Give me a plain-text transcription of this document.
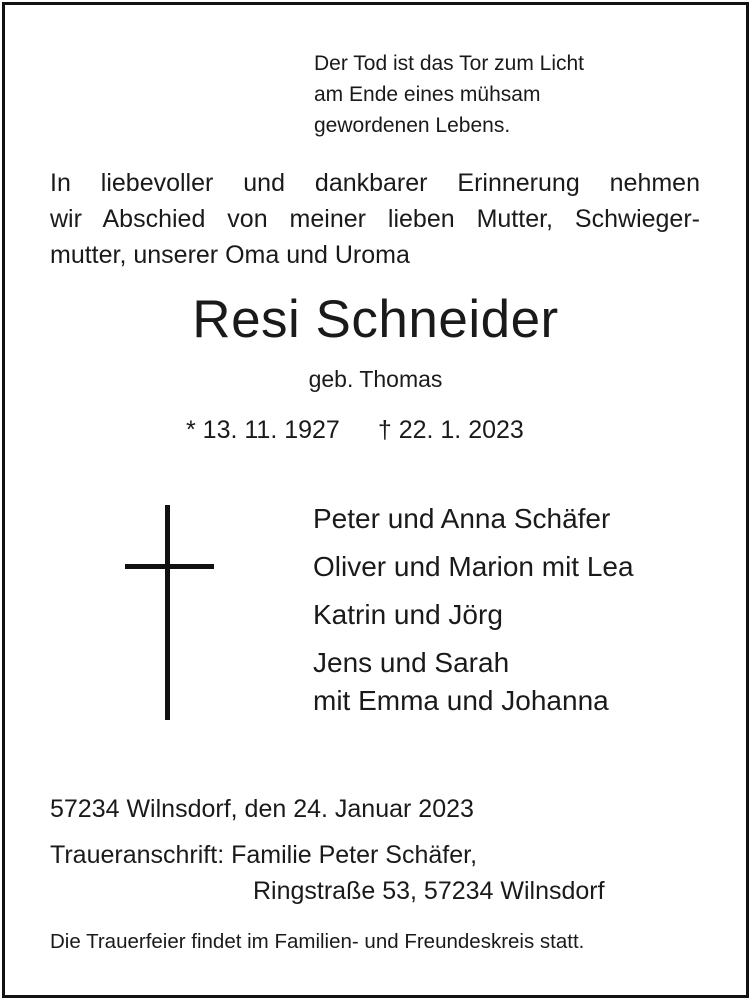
Der Tod ist das Tor zum Licht
am Ende eines mühsam
gewordenen Lebens.
In liebevoller und dankbarer Erinnerung nehmen
wir Abschied von meiner lieben Mutter, Schwieger-
mutter, unserer Oma und Uroma
Resi Schneider
geb. Thomas
* 13. 11. 1927 † 22. 1. 2023
Peter und Anna Schäfer
Oliver und Marion mit Lea
Katrin und Jörg
Jens und Sarah
mit Emma und Johanna
57234 Wilnsdorf, den 24. Januar 2023
Traueranschrift: Familie Peter Schäfer,
Ringstraße 53, 57234 Wilnsdorf
Die Trauerfeier findet im Familien- und Freundeskreis statt.
